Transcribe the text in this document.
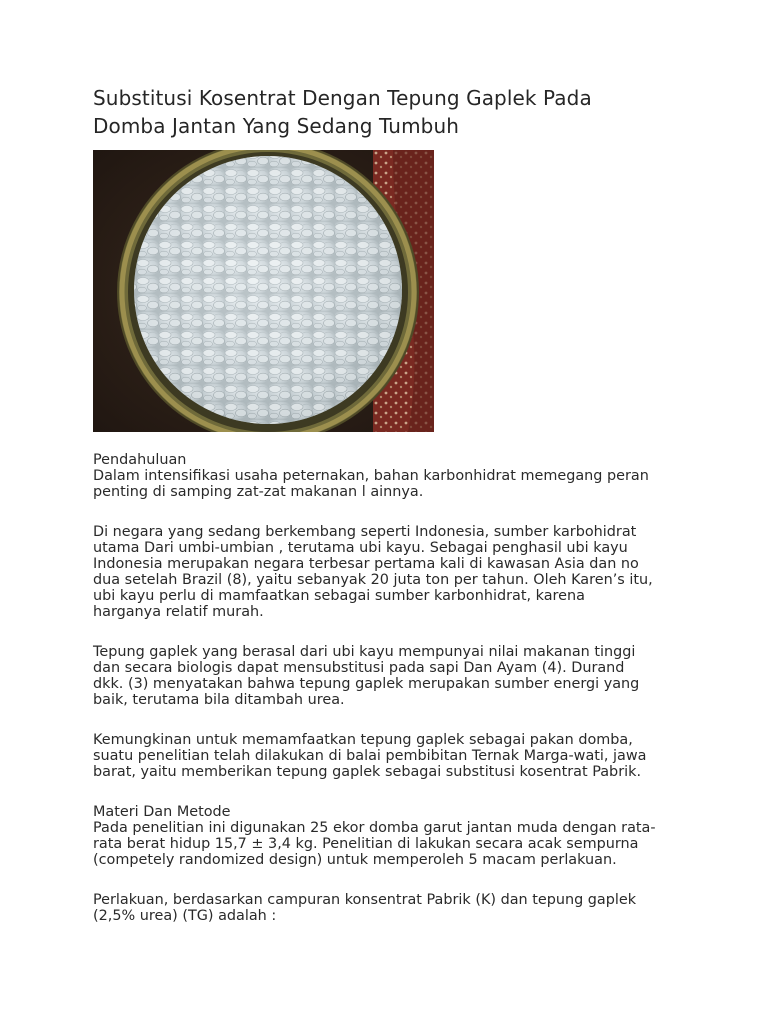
Substitusi Kosentrat Dengan Tepung Gaplek Pada
Domba Jantan Yang Sedang Tumbuh

Pendahuluan
Dalam intensifikasi usaha peternakan, bahan karbonhidrat memegang peran
penting di samping zat-zat makanan l ainnya.

Di negara yang sedang berkembang seperti Indonesia, sumber karbohidrat
utama Dari umbi-umbian , terutama ubi kayu. Sebagai penghasil ubi kayu
Indonesia merupakan negara terbesar pertama kali di kawasan Asia dan no
dua setelah Brazil (8), yaitu sebanyak 20 juta ton per tahun. Oleh Karen’s itu,
ubi kayu perlu di mamfaatkan sebagai sumber karbonhidrat, karena
harganya relatif murah.

Tepung gaplek yang berasal dari ubi kayu mempunyai nilai makanan tinggi
dan secara biologis dapat mensubstitusi pada sapi Dan Ayam (4). Durand
dkk. (3) menyatakan bahwa tepung gaplek merupakan sumber energi yang
baik, terutama bila ditambah urea.

Kemungkinan untuk memamfaatkan tepung gaplek sebagai pakan domba,
suatu penelitian telah dilakukan di balai pembibitan Ternak Marga-wati, jawa
barat, yaitu memberikan tepung gaplek sebagai substitusi kosentrat Pabrik.

Materi Dan Metode
Pada penelitian ini digunakan 25 ekor domba garut jantan muda dengan rata-
rata berat hidup 15,7 ± 3,4 kg. Penelitian di lakukan secara acak sempurna
(competely randomized design) untuk memperoleh 5 macam perlakuan.

Perlakuan, berdasarkan campuran konsentrat Pabrik (K) dan tepung gaplek
(2,5% urea) (TG) adalah :
